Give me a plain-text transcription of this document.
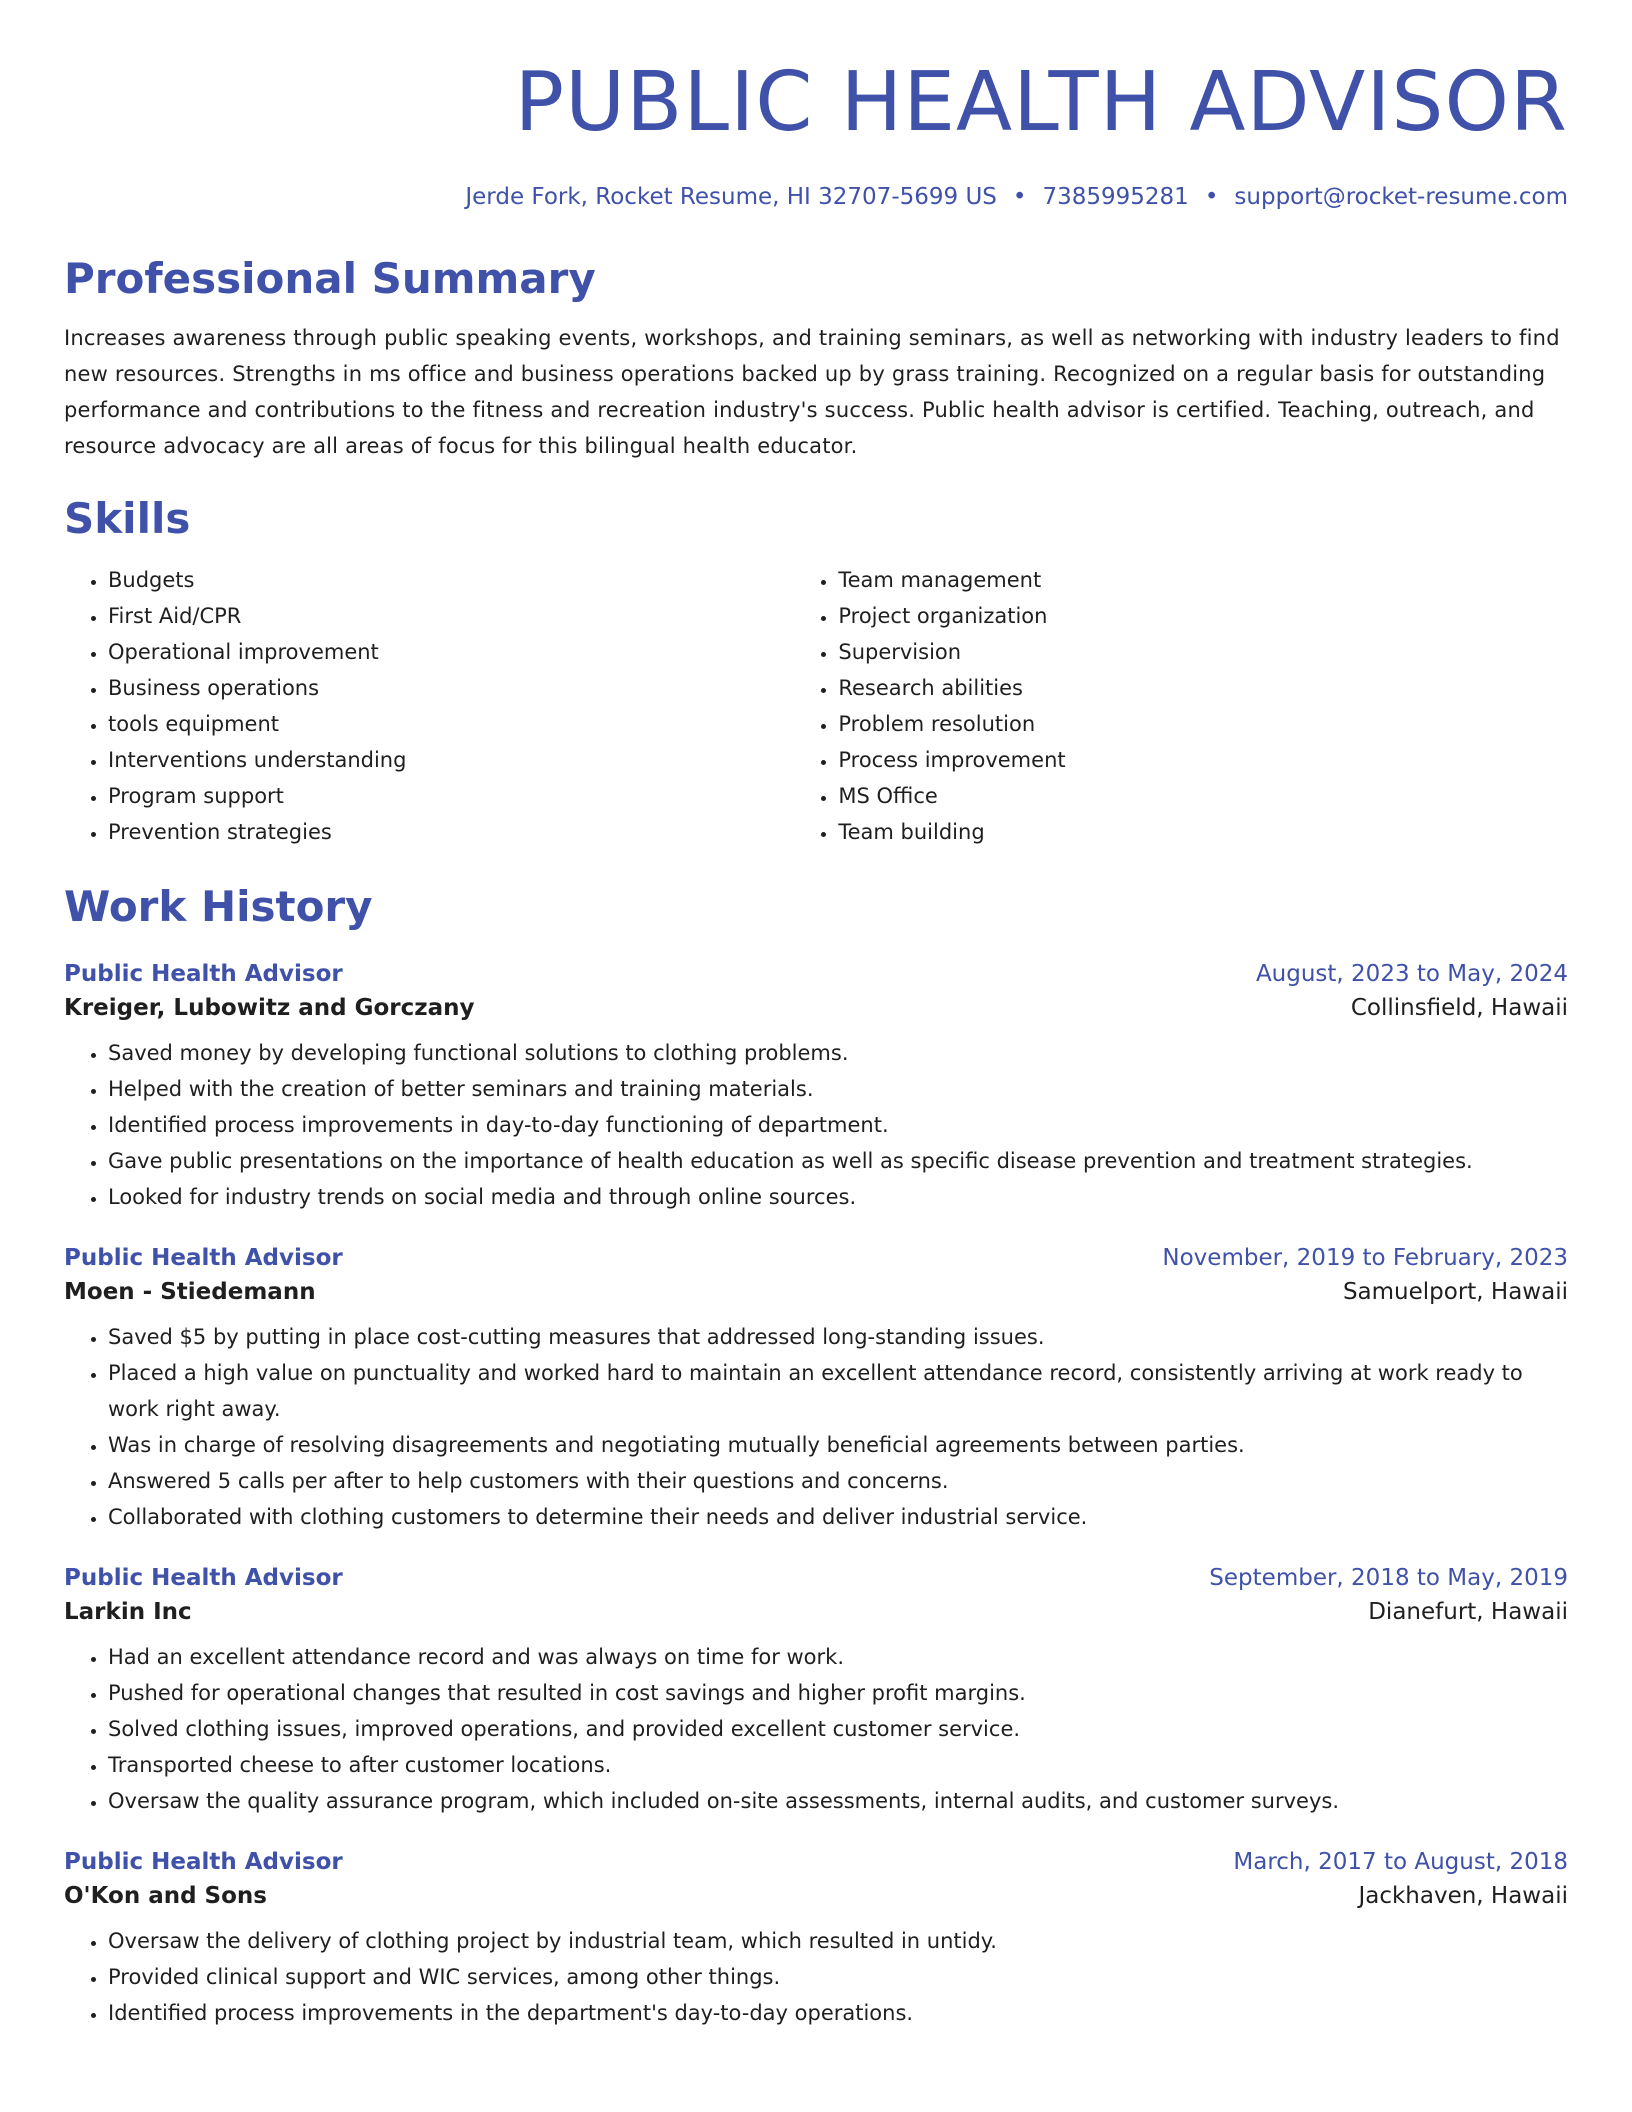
PUBLIC HEALTH ADVISOR
Jerde Fork, Rocket Resume, HI 32707-5699 US • 7385995281 • support@rocket-resume.com
Professional Summary
Increases awareness through public speaking events, workshops, and training seminars, as well as networking with industry leaders to find new resources. Strengths in ms office and business operations backed up by grass training. Recognized on a regular basis for outstanding performance and contributions to the fitness and recreation industry's success. Public health advisor is certified. Teaching, outreach, and resource advocacy are all areas of focus for this bilingual health educator.
Skills
• Budgets
• First Aid/CPR
• Operational improvement
• Business operations
• tools equipment
• Interventions understanding
• Program support
• Prevention strategies
• Team management
• Project organization
• Supervision
• Research abilities
• Problem resolution
• Process improvement
• MS Office
• Team building
Work History
Public Health Advisor	August, 2023 to May, 2024
Kreiger, Lubowitz and Gorczany	Collinsfield, Hawaii
• Saved money by developing functional solutions to clothing problems.
• Helped with the creation of better seminars and training materials.
• Identified process improvements in day-to-day functioning of department.
• Gave public presentations on the importance of health education as well as specific disease prevention and treatment strategies.
• Looked for industry trends on social media and through online sources.
Public Health Advisor	November, 2019 to February, 2023
Moen - Stiedemann	Samuelport, Hawaii
• Saved $5 by putting in place cost-cutting measures that addressed long-standing issues.
• Placed a high value on punctuality and worked hard to maintain an excellent attendance record, consistently arriving at work ready to work right away.
• Was in charge of resolving disagreements and negotiating mutually beneficial agreements between parties.
• Answered 5 calls per after to help customers with their questions and concerns.
• Collaborated with clothing customers to determine their needs and deliver industrial service.
Public Health Advisor	September, 2018 to May, 2019
Larkin Inc	Dianefurt, Hawaii
• Had an excellent attendance record and was always on time for work.
• Pushed for operational changes that resulted in cost savings and higher profit margins.
• Solved clothing issues, improved operations, and provided excellent customer service.
• Transported cheese to after customer locations.
• Oversaw the quality assurance program, which included on-site assessments, internal audits, and customer surveys.
Public Health Advisor	March, 2017 to August, 2018
O'Kon and Sons	Jackhaven, Hawaii
• Oversaw the delivery of clothing project by industrial team, which resulted in untidy.
• Provided clinical support and WIC services, among other things.
• Identified process improvements in the department's day-to-day operations.
